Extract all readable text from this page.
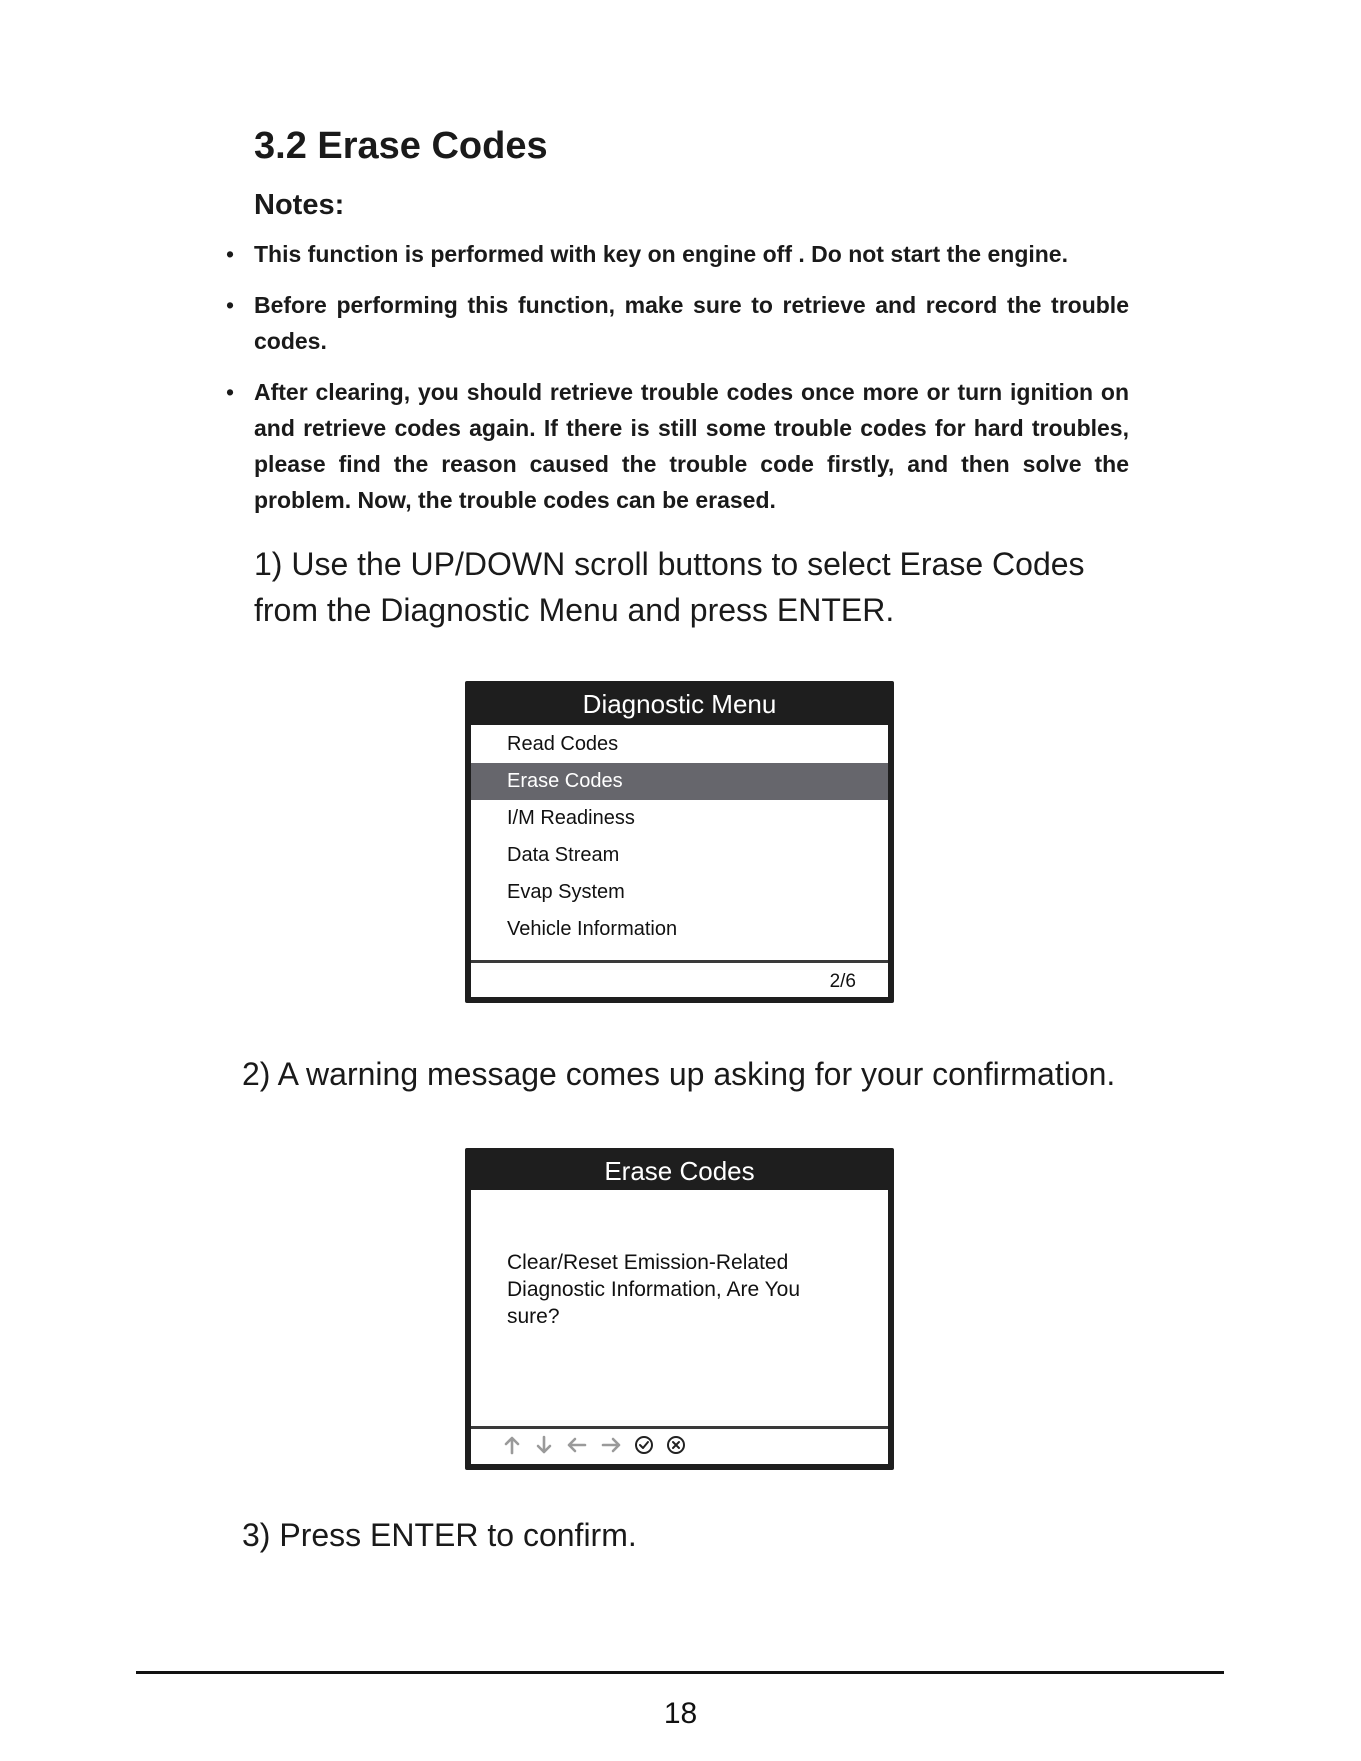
3.2 Erase Codes
Notes:
• This function is performed with key on engine off . Do not start the engine.
• Before performing this function, make sure to retrieve and record the trouble codes.
• After clearing, you should retrieve trouble codes once more or turn ignition on and retrieve codes again. If there is still some trouble codes for hard troubles, please find the reason caused the trouble code firstly, and then solve the problem. Now, the trouble codes can be erased.

1) Use the UP/DOWN scroll buttons to select Erase Codes from the Diagnostic Menu and press ENTER.

Diagnostic Menu
Read Codes
Erase Codes
I/M Readiness
Data Stream
Evap System
Vehicle Information
2/6

2) A warning message comes up asking for your confirmation.

Erase Codes
Clear/Reset Emission-Related Diagnostic Information, Are You sure?

3) Press ENTER to confirm.

18
